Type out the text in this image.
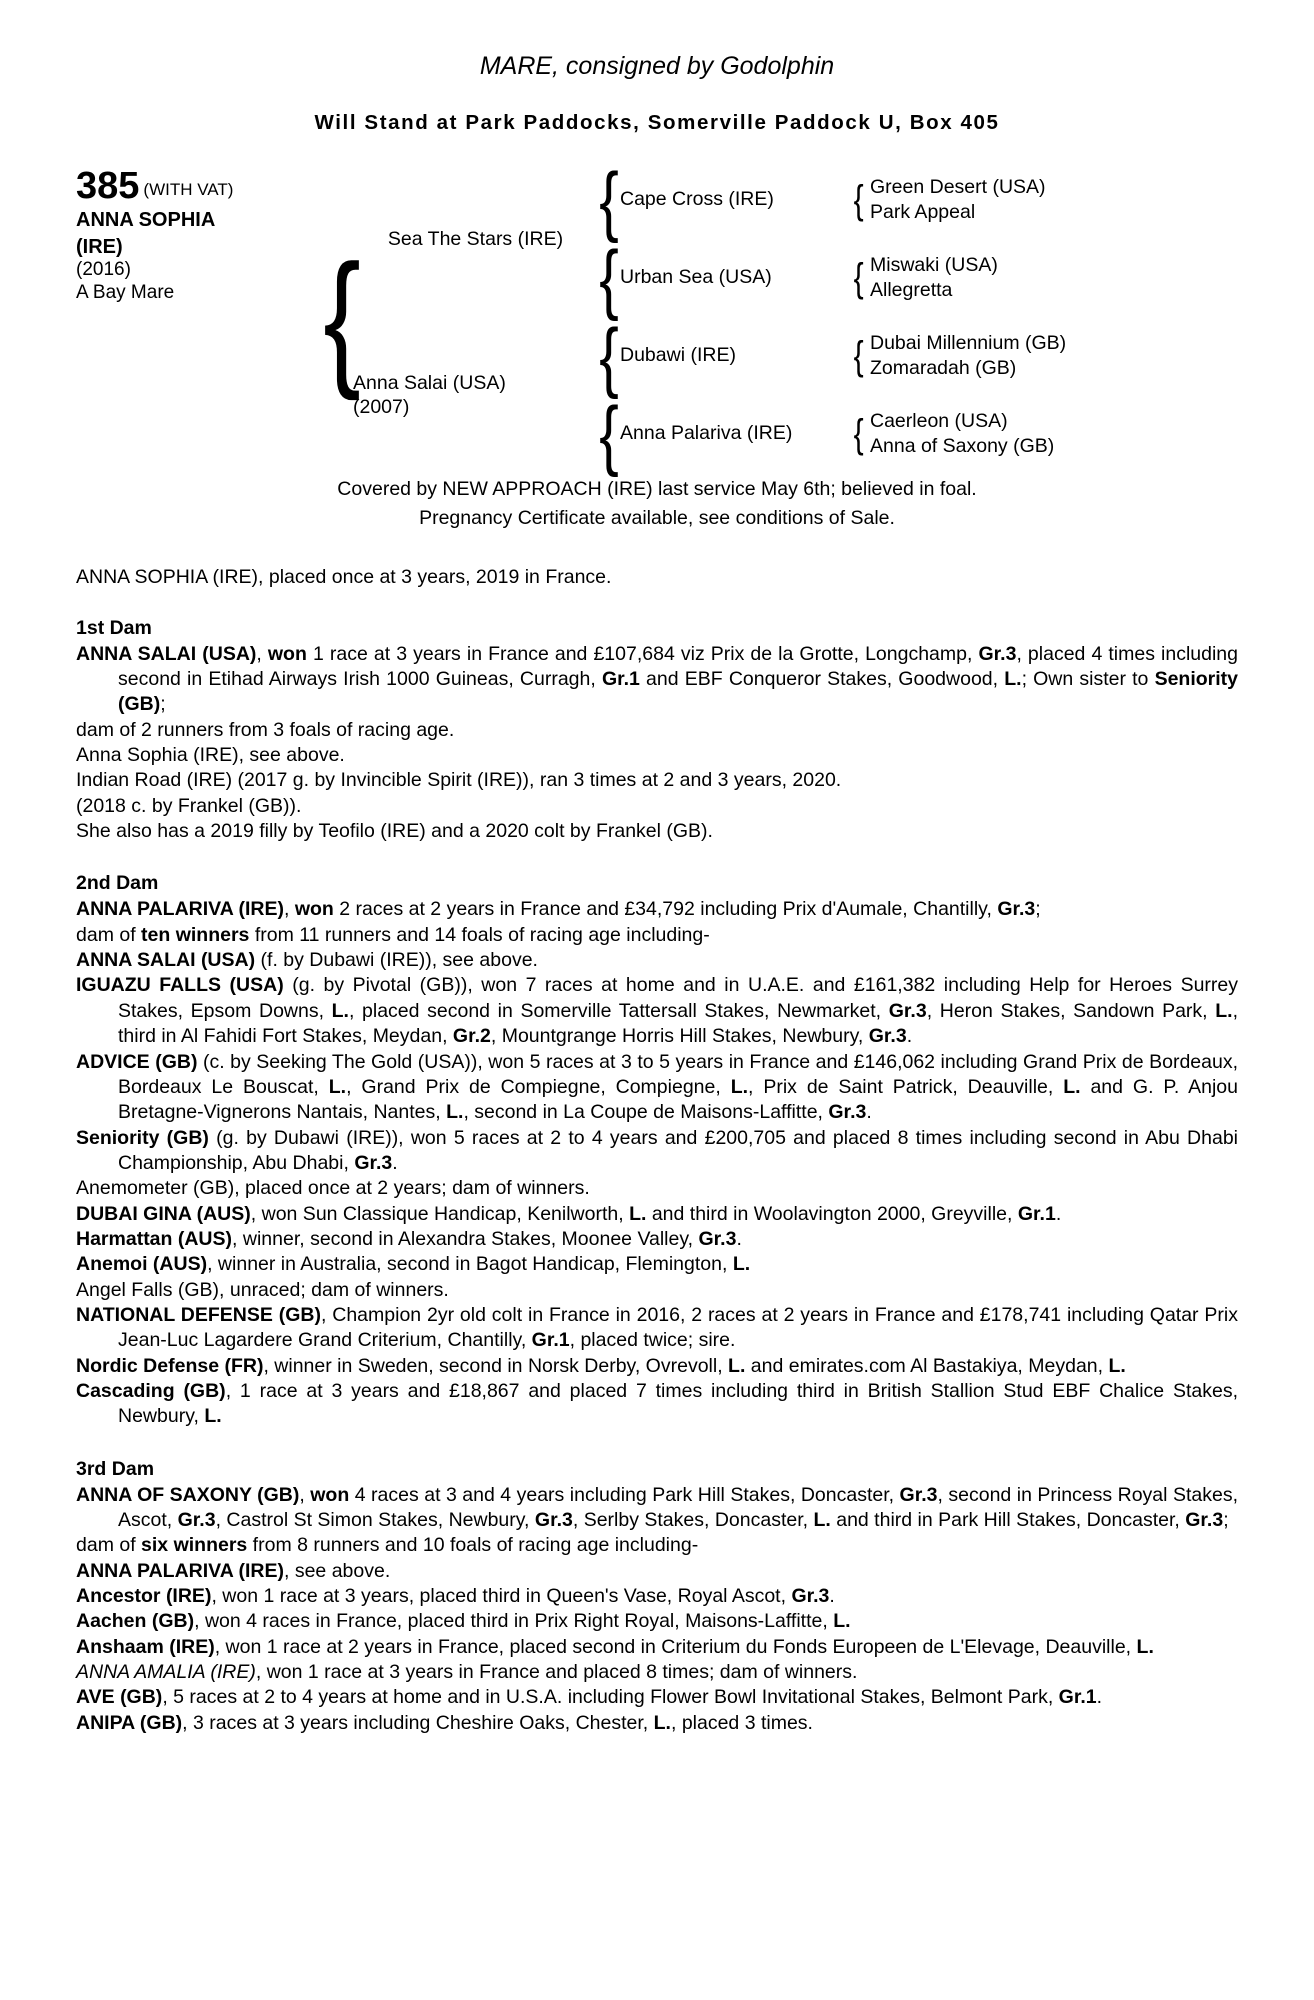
MARE, consigned by Godolphin
Will Stand at Park Paddocks, Somerville Paddock U, Box 405
385 (WITH VAT)
ANNA SOPHIA
(IRE)
(2016)
A Bay Mare { Sea The Stars (IRE)
Anna Salai (USA)
(2007)
{ Cape Cross (IRE)
{ Urban Sea (USA)
{ Dubawi (IRE)
{ Anna Palariva (IRE)
{ Green Desert (USA)
Park Appeal
{ Miswaki (USA)
Allegretta
{ Dubai Millennium (GB)
Zomaradah (GB)
{ Caerleon (USA)
Anna of Saxony (GB)
Covered by NEW APPROACH (IRE) last service May 6th; believed in foal.
Pregnancy Certificate available, see conditions of Sale.
ANNA SOPHIA (IRE), placed once at 3 years, 2019 in France.
1st Dam

ANNA SALAI (USA), won 1 race at 3 years in France and £107,684 viz Prix de la Grotte, Longchamp, Gr.3, placed 4 times including second in Etihad Airways Irish 1000 Guineas, Curragh, Gr.1 and EBF Conqueror Stakes, Goodwood, L.; Own sister to Seniority (GB);

dam of 2 runners from 3 foals of racing age.

Anna Sophia (IRE), see above.

Indian Road (IRE) (2017 g. by Invincible Spirit (IRE)), ran 3 times at 2 and 3 years, 2020.

(2018 c. by Frankel (GB)).

She also has a 2019 filly by Teofilo (IRE) and a 2020 colt by Frankel (GB).

2nd Dam

ANNA PALARIVA (IRE), won 2 races at 2 years in France and £34,792 including Prix d'Aumale, Chantilly, Gr.3;

dam of ten winners from 11 runners and 14 foals of racing age including-

ANNA SALAI (USA) (f. by Dubawi (IRE)), see above.

IGUAZU FALLS (USA) (g. by Pivotal (GB)), won 7 races at home and in U.A.E. and £161,382 including Help for Heroes Surrey Stakes, Epsom Downs, L., placed second in Somerville Tattersall Stakes, Newmarket, Gr.3, Heron Stakes, Sandown Park, L., third in Al Fahidi Fort Stakes, Meydan, Gr.2, Mountgrange Horris Hill Stakes, Newbury, Gr.3.

ADVICE (GB) (c. by Seeking The Gold (USA)), won 5 races at 3 to 5 years in France and £146,062 including Grand Prix de Bordeaux, Bordeaux Le Bouscat, L., Grand Prix de Compiegne, Compiegne, L., Prix de Saint Patrick, Deauville, L. and G. P. Anjou Bretagne-Vignerons Nantais, Nantes, L., second in La Coupe de Maisons-Laffitte, Gr.3.

Seniority (GB) (g. by Dubawi (IRE)), won 5 races at 2 to 4 years and £200,705 and placed 8 times including second in Abu Dhabi Championship, Abu Dhabi, Gr.3.

Anemometer (GB), placed once at 2 years; dam of winners.

DUBAI GINA (AUS), won Sun Classique Handicap, Kenilworth, L. and third in Woolavington 2000, Greyville, Gr.1.

Harmattan (AUS), winner, second in Alexandra Stakes, Moonee Valley, Gr.3.

Anemoi (AUS), winner in Australia, second in Bagot Handicap, Flemington, L.

Angel Falls (GB), unraced; dam of winners.

NATIONAL DEFENSE (GB), Champion 2yr old colt in France in 2016, 2 races at 2 years in France and £178,741 including Qatar Prix Jean-Luc Lagardere Grand Criterium, Chantilly, Gr.1, placed twice; sire.

Nordic Defense (FR), winner in Sweden, second in Norsk Derby, Ovrevoll, L. and emirates.com Al Bastakiya, Meydan, L.

Cascading (GB), 1 race at 3 years and £18,867 and placed 7 times including third in British Stallion Stud EBF Chalice Stakes, Newbury, L.

3rd Dam

ANNA OF SAXONY (GB), won 4 races at 3 and 4 years including Park Hill Stakes, Doncaster, Gr.3, second in Princess Royal Stakes, Ascot, Gr.3, Castrol St Simon Stakes, Newbury, Gr.3, Serlby Stakes, Doncaster, L. and third in Park Hill Stakes, Doncaster, Gr.3;

dam of six winners from 8 runners and 10 foals of racing age including-

ANNA PALARIVA (IRE), see above.

Ancestor (IRE), won 1 race at 3 years, placed third in Queen's Vase, Royal Ascot, Gr.3.

Aachen (GB), won 4 races in France, placed third in Prix Right Royal, Maisons-Laffitte, L.

Anshaam (IRE), won 1 race at 2 years in France, placed second in Criterium du Fonds Europeen de L'Elevage, Deauville, L.

ANNA AMALIA (IRE), won 1 race at 3 years in France and placed 8 times; dam of winners.

AVE (GB), 5 races at 2 to 4 years at home and in U.S.A. including Flower Bowl Invitational Stakes, Belmont Park, Gr.1.

ANIPA (GB), 3 races at 3 years including Cheshire Oaks, Chester, L., placed 3 times.
